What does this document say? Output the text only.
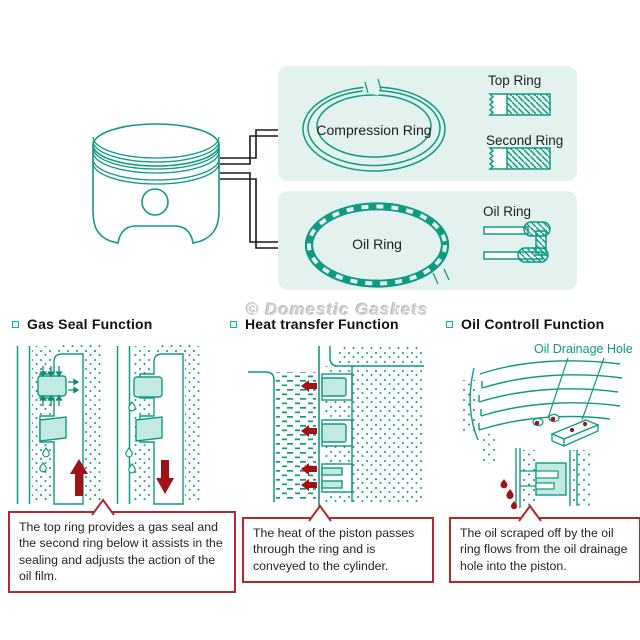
Compression Ring
Top Ring
Second Ring
Oil Ring
Oil Ring
© Domestic Gaskets
Gas Seal Function	Heat transfer Function	Oil Controll Function
Oil Drainage Hole

The top ring provides a gas seal and the second ring below it assists in the sealing and adjusts the action of the oil film.

The heat of the piston passes through the ring and is conveyed to the cylinder.

The oil scraped off by the oil ring flows from the oil drainage hole into the piston.
